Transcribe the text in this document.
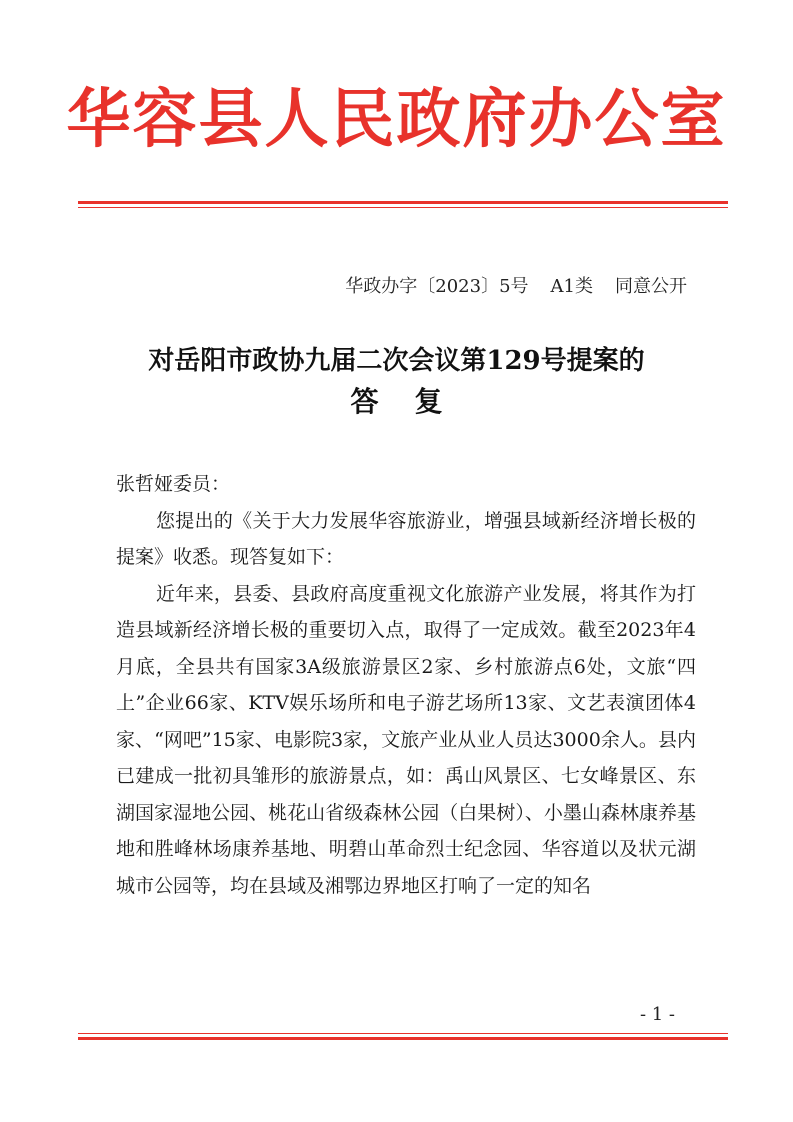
华容县人民政府办公室
华政办字〔2023〕5号 A1类 同意公开
对岳阳市政协九届二次会议第129号提案的
答复

张哲娅委员：

您提出的《关于大力发展华容旅游业，增强县域新经济增长极的提案》收悉。现答复如下：

近年来，县委、县政府高度重视文化旅游产业发展，将其作为打造县域新经济增长极的重要切入点，取得了一定成效。截至2023年4月底，全县共有国家3A级旅游景区2家、乡村旅游点6处，文旅“四上”企业66家、KTV娱乐场所和电子游艺场所13家、文艺表演团体4家、“网吧”15家、电影院3家，文旅产业从业人员达3000余人。县内已建成一批初具雏形的旅游景点，如：禹山风景区、七女峰景区、东湖国家湿地公园、桃花山省级森林公园（白果树）、小墨山森林康养基地和胜峰林场康养基地、明碧山革命烈士纪念园、华容道以及状元湖城市公园等，均在县域及湘鄂边界地区打响了一定的知名

- 1 -
